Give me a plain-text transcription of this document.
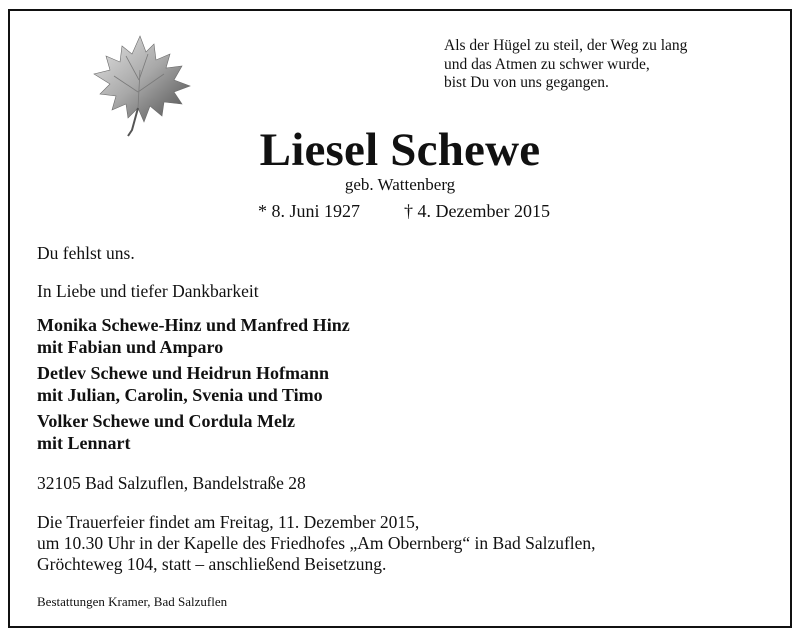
Als der Hügel zu steil, der Weg zu lang
und das Atmen zu schwer wurde,
bist Du von uns gegangen.
Liesel Schewe
geb. Wattenberg
* 8. Juni 1927 † 4. Dezember 2015
Du fehlst uns.
In Liebe und tiefer Dankbarkeit
Monika Schewe-Hinz und Manfred Hinz
mit Fabian und Amparo
Detlev Schewe und Heidrun Hofmann
mit Julian, Carolin, Svenia und Timo
Volker Schewe und Cordula Melz
mit Lennart
32105 Bad Salzuflen, Bandelstraße 28
Die Trauerfeier findet am Freitag, 11. Dezember 2015,
um 10.30 Uhr in der Kapelle des Friedhofes „Am Obernberg“ in Bad Salzuflen,
Gröchteweg 104, statt – anschließend Beisetzung.
Bestattungen Kramer, Bad Salzuflen
